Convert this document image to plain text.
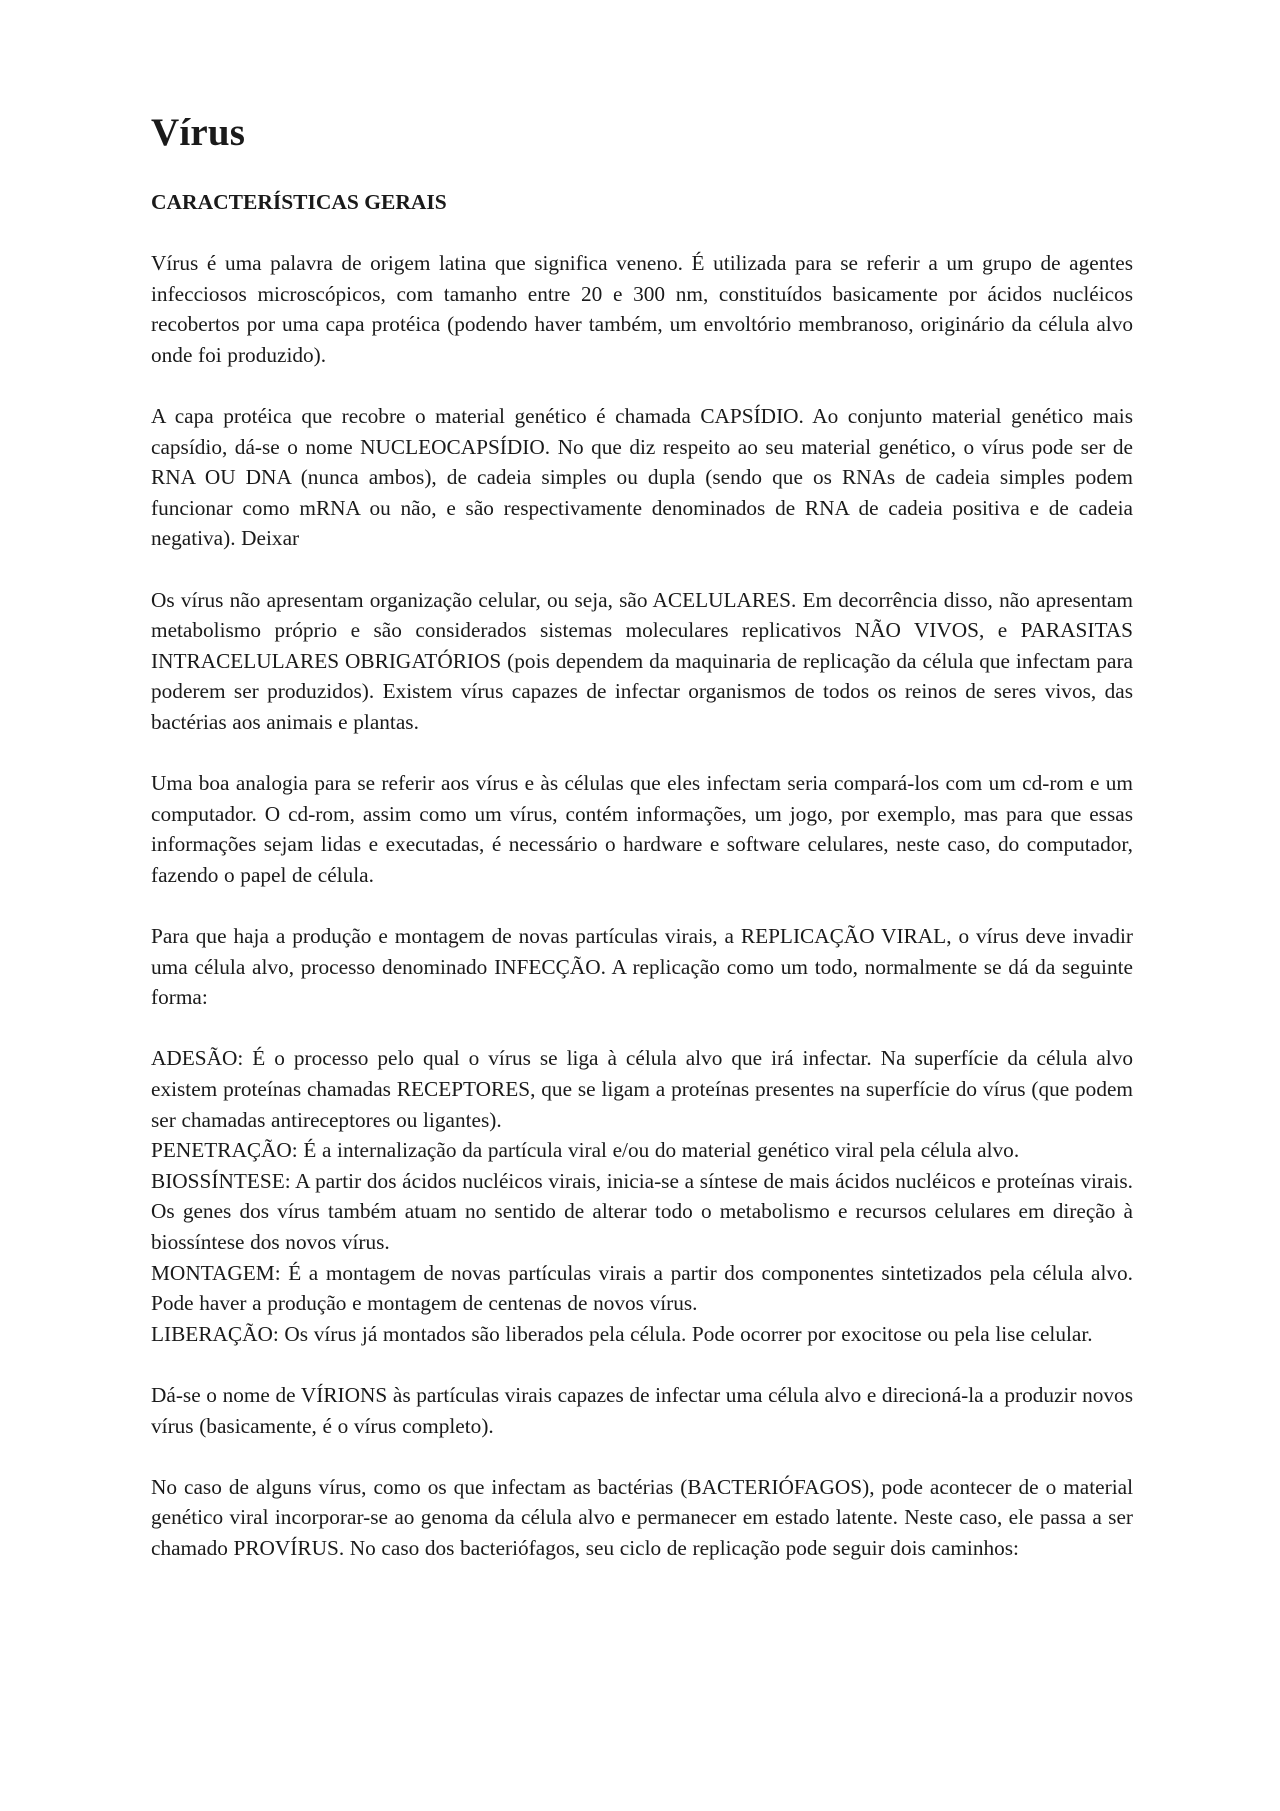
Vírus
CARACTERÍSTICAS GERAIS

Vírus é uma palavra de origem latina que significa veneno. É utilizada para se referir a um grupo de agentes infecciosos microscópicos, com tamanho entre 20 e 300 nm, constituídos basicamente por ácidos nucléicos recobertos por uma capa protéica (podendo haver também, um envoltório membranoso, originário da célula alvo onde foi produzido).

A capa protéica que recobre o material genético é chamada CAPSÍDIO. Ao conjunto material genético mais capsídio, dá-se o nome NUCLEOCAPSÍDIO. No que diz respeito ao seu material genético, o vírus pode ser de RNA OU DNA (nunca ambos), de cadeia simples ou dupla (sendo que os RNAs de cadeia simples podem funcionar como mRNA ou não, e são respectivamente denominados de RNA de cadeia positiva e de cadeia negativa). Deixar

Os vírus não apresentam organização celular, ou seja, são ACELULARES. Em decorrência disso, não apresentam metabolismo próprio e são considerados sistemas moleculares replicativos NÃO VIVOS, e PARASITAS INTRACELULARES OBRIGATÓRIOS (pois dependem da maquinaria de replicação da célula que infectam para poderem ser produzidos). Existem vírus capazes de infectar organismos de todos os reinos de seres vivos, das bactérias aos animais e plantas.

Uma boa analogia para se referir aos vírus e às células que eles infectam seria compará-los com um cd-rom e um computador. O cd-rom, assim como um vírus, contém informações, um jogo, por exemplo, mas para que essas informações sejam lidas e executadas, é necessário o hardware e software celulares, neste caso, do computador, fazendo o papel de célula.

Para que haja a produção e montagem de novas partículas virais, a REPLICAÇÃO VIRAL, o vírus deve invadir uma célula alvo, processo denominado INFECÇÃO. A replicação como um todo, normalmente se dá da seguinte forma:

ADESÃO: É o processo pelo qual o vírus se liga à célula alvo que irá infectar. Na superfície da célula alvo existem proteínas chamadas RECEPTORES, que se ligam a proteínas presentes na superfície do vírus (que podem ser chamadas antireceptores ou ligantes).

PENETRAÇÃO: É a internalização da partícula viral e/ou do material genético viral pela célula alvo.

BIOSSÍNTESE: A partir dos ácidos nucléicos virais, inicia-se a síntese de mais ácidos nucléicos e proteínas virais. Os genes dos vírus também atuam no sentido de alterar todo o metabolismo e recursos celulares em direção à biossíntese dos novos vírus.

MONTAGEM: É a montagem de novas partículas virais a partir dos componentes sintetizados pela célula alvo. Pode haver a produção e montagem de centenas de novos vírus.

LIBERAÇÃO: Os vírus já montados são liberados pela célula. Pode ocorrer por exocitose ou pela lise celular.

Dá-se o nome de VÍRIONS às partículas virais capazes de infectar uma célula alvo e direcioná-la a produzir novos vírus (basicamente, é o vírus completo).

No caso de alguns vírus, como os que infectam as bactérias (BACTERIÓFAGOS), pode acontecer de o material genético viral incorporar-se ao genoma da célula alvo e permanecer em estado latente. Neste caso, ele passa a ser chamado PROVÍRUS. No caso dos bacteriófagos, seu ciclo de replicação pode seguir dois caminhos:
